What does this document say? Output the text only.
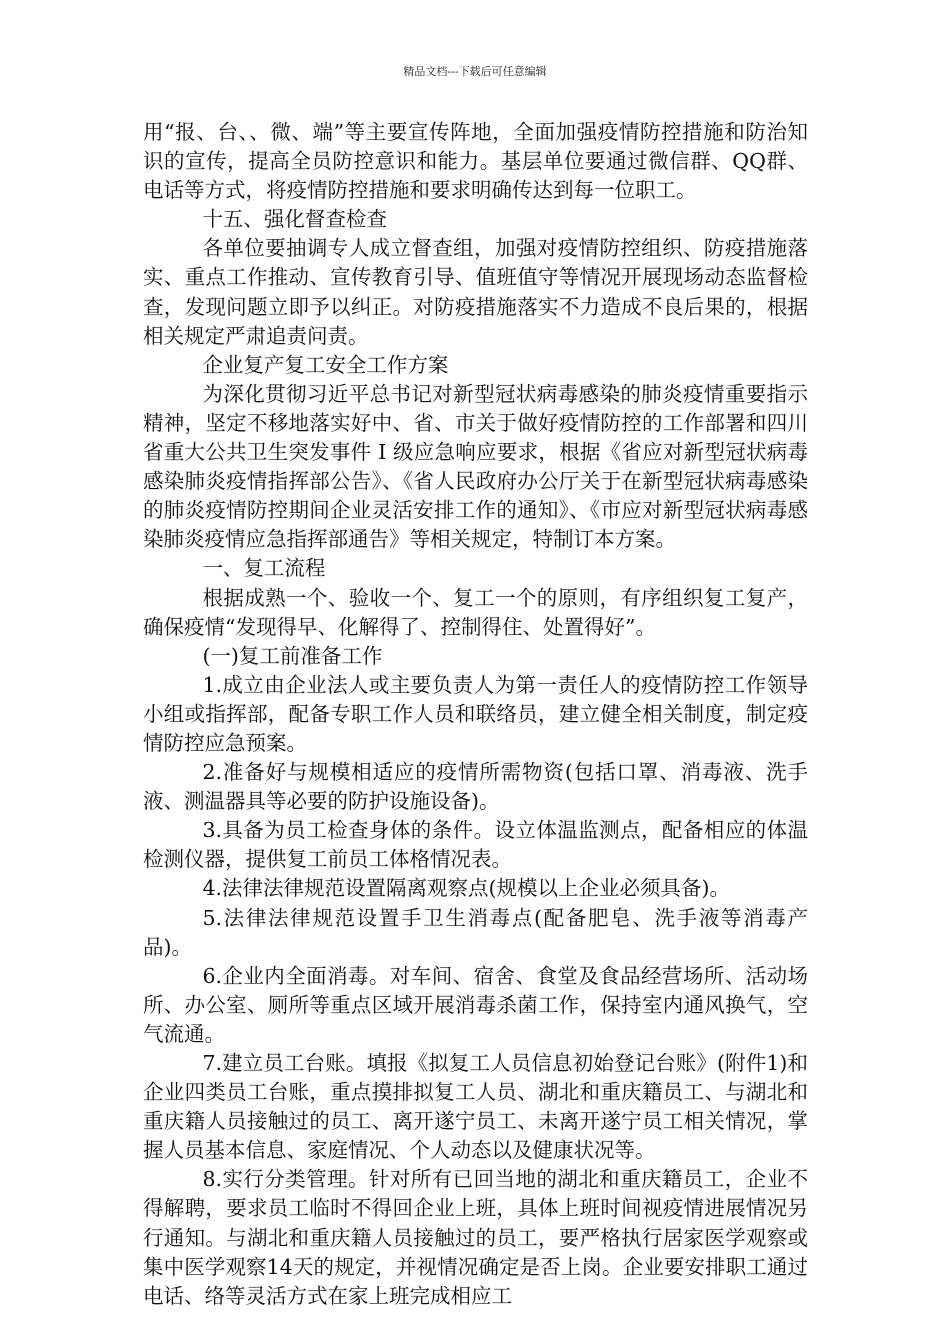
精品文档---下载后可任意编辑

用“报、台、、微、端”等主要宣传阵地，全面加强疫情防控措施和防治知识的宣传，提高全员防控意识和能力。基层单位要通过微信群、QQ群、电话等方式，将疫情防控措施和要求明确传达到每一位职工。

十五、强化督查检查

各单位要抽调专人成立督查组，加强对疫情防控组织、防疫措施落实、重点工作推动、宣传教育引导、值班值守等情况开展现场动态监督检查，发现问题立即予以纠正。对防疫措施落实不力造成不良后果的，根据相关规定严肃追责问责。

企业复产复工安全工作方案

为深化贯彻习近平总书记对新型冠状病毒感染的肺炎疫情重要指示精神，坚定不移地落实好中、省、市关于做好疫情防控的工作部署和四川省重大公共卫生突发事件 I 级应急响应要求，根据《省应对新型冠状病毒感染肺炎疫情指挥部公告》、《省人民政府办公厅关于在新型冠状病毒感染的肺炎疫情防控期间企业灵活安排工作的通知》、《市应对新型冠状病毒感染肺炎疫情应急指挥部通告》等相关规定，特制订本方案。

一、复工流程

根据成熟一个、验收一个、复工一个的原则，有序组织复工复产，确保疫情“发现得早、化解得了、控制得住、处置得好”。

(一)复工前准备工作

1.成立由企业法人或主要负责人为第一责任人的疫情防控工作领导小组或指挥部，配备专职工作人员和联络员，建立健全相关制度，制定疫情防控应急预案。

2.准备好与规模相适应的疫情所需物资(包括口罩、消毒液、洗手液、测温器具等必要的防护设施设备)。

3.具备为员工检查身体的条件。设立体温监测点，配备相应的体温检测仪器，提供复工前员工体格情况表。

4.法律法律规范设置隔离观察点(规模以上企业必须具备)。

5.法律法律规范设置手卫生消毒点(配备肥皂、洗手液等消毒产品)。

6.企业内全面消毒。对车间、宿舍、食堂及食品经营场所、活动场所、办公室、厕所等重点区域开展消毒杀菌工作，保持室内通风换气，空气流通。

7.建立员工台账。填报《拟复工人员信息初始登记台账》(附件1)和企业四类员工台账，重点摸排拟复工人员、湖北和重庆籍员工、与湖北和重庆籍人员接触过的员工、离开遂宁员工、未离开遂宁员工相关情况，掌握人员基本信息、家庭情况、个人动态以及健康状况等。

8.实行分类管理。针对所有已回当地的湖北和重庆籍员工，企业不得解聘，要求员工临时不得回企业上班，具体上班时间视疫情进展情况另行通知。与湖北和重庆籍人员接触过的员工，要严格执行居家医学观察或集中医学观察14天的规定，并视情况确定是否上岗。企业要安排职工通过电话、络等灵活方式在家上班完成相应工
